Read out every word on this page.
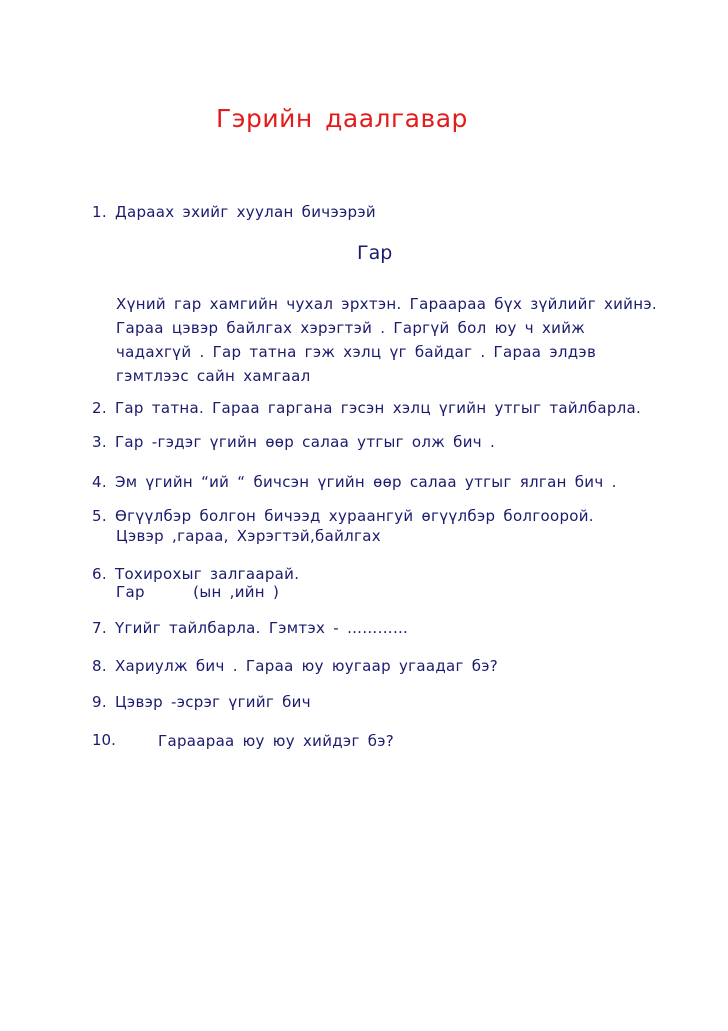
Гэрийн даалгавар
1. Дараах эхийг хуулан бичээрэй
Гар
Хүний гар хамгийн чухал эрхтэн. Гараараа бүх зүйлийг хийнэ.
Гараа цэвэр байлгах хэрэгтэй . Гаргүй бол юу ч хийж
чадахгүй . Гар татна гэж хэлц үг байдаг . Гараа элдэв
гэмтлээс сайн хамгаал
2. Гар татна. Гараа гаргана гэсэн хэлц үгийн утгыг тайлбарла.
3. Гар -гэдэг үгийн өөр салаа утгыг олж бич .
4. Эм үгийн “ий “ бичсэн үгийн өөр салаа утгыг ялган бич .
5. Өгүүлбэр болгон бичээд хураангуй өгүүлбэр болгоорой.
Цэвэр ,гараа, Хэрэгтэй,байлгах
6. Тохирохыг залгаарай.
Гар      (ын ,ийн )
7. Үгийг тайлбарла. Гэмтэх - …………
8. Хариулж бич . Гараа юу юугаар угаадаг бэ?
9. Цэвэр -эсрэг үгийг бич
10.	Гараараа юу юу хийдэг бэ?
